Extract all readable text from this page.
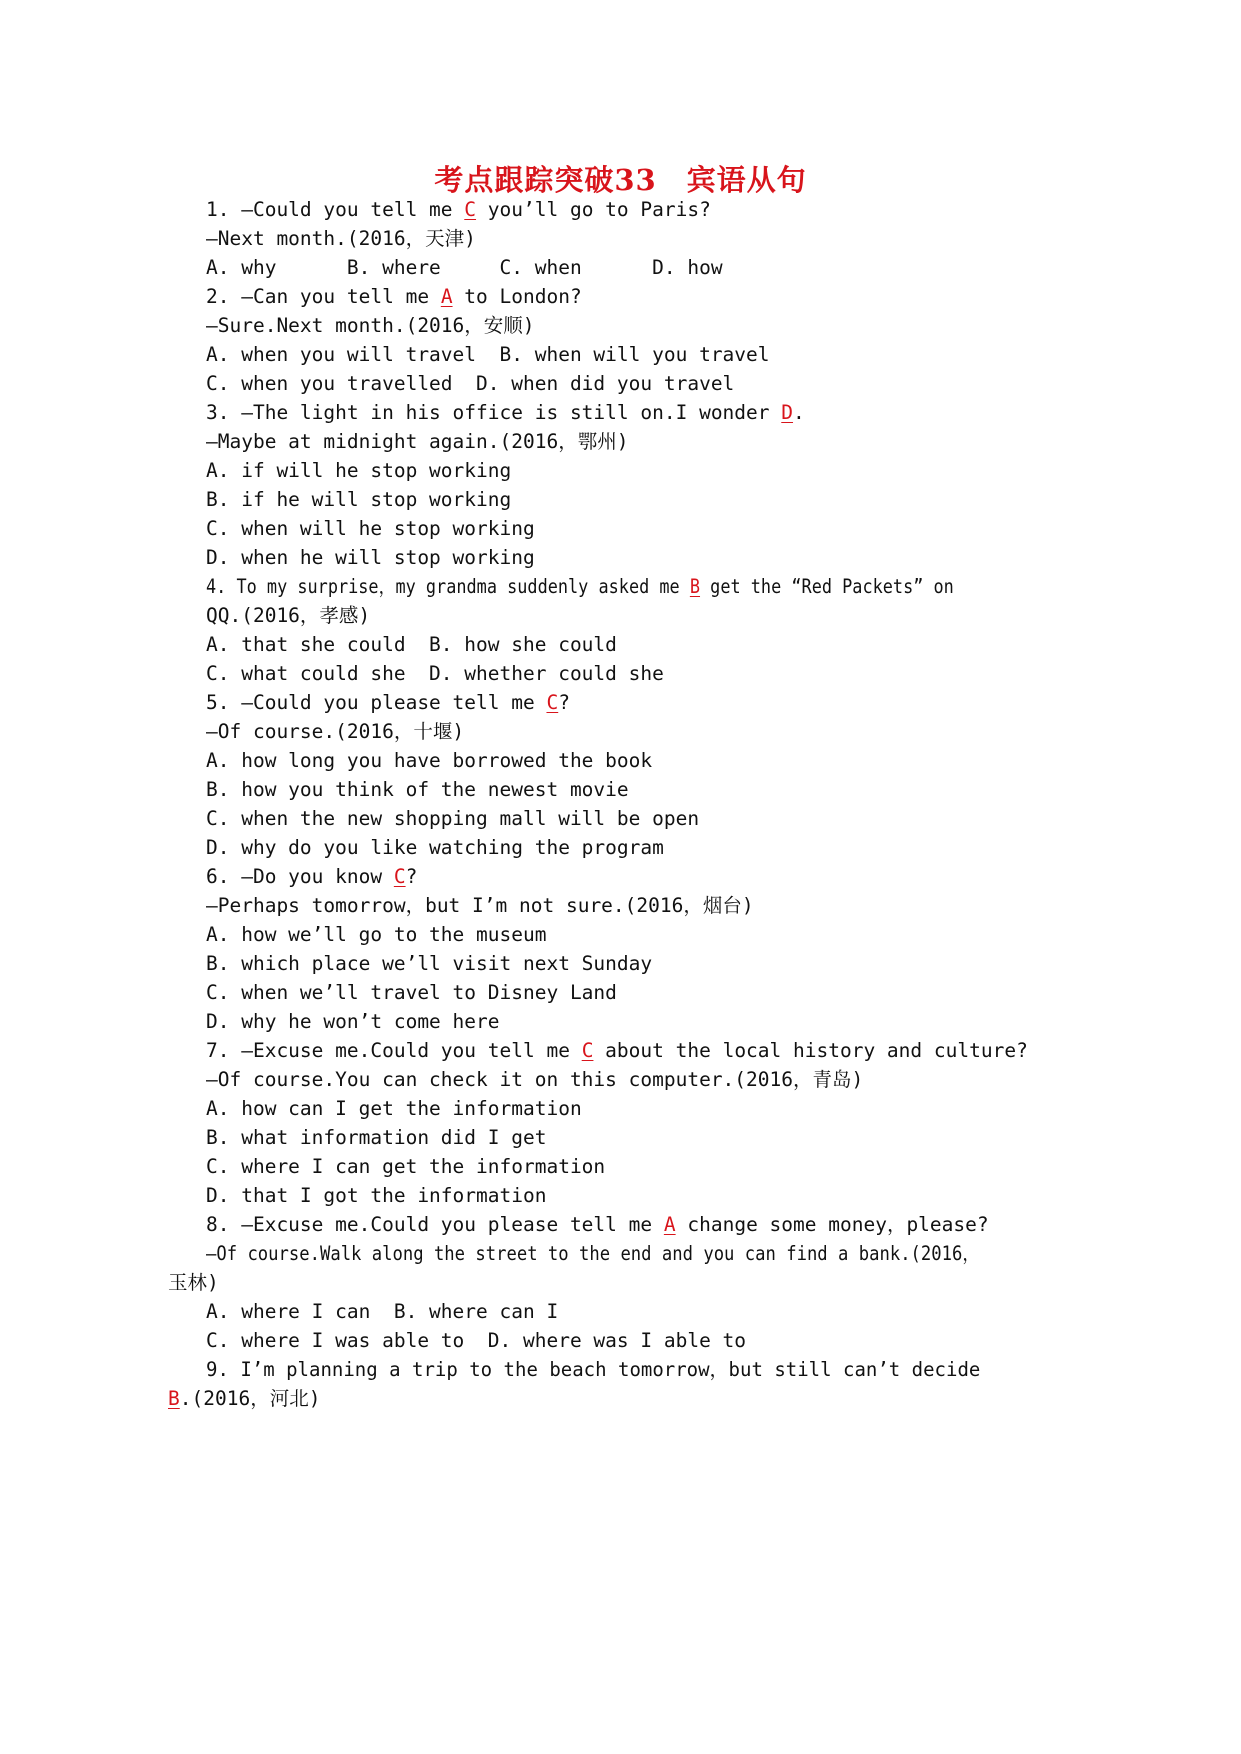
考点跟踪突破33　宾语从句
1. —Could you tell me C you’ll go to Paris?
—Next month.(2016，天津)
A. why      B. where     C. when      D. how
2. —Can you tell me A to London?
—Sure.Next month.(2016，安顺)
A. when you will travel  B. when will you travel
C. when you travelled  D. when did you travel
3. —The light in his office is still on.I wonder D.
—Maybe at midnight again.(2016，鄂州)
A. if will he stop working
B. if he will stop working
C. when will he stop working
D. when he will stop working
4. To my surprise，my grandma suddenly asked me B get the “Red Packets” on
QQ.(2016，孝感)
A. that she could  B. how she could
C. what could she  D. whether could she
5. —Could you please tell me C?
—Of course.(2016，十堰)
A. how long you have borrowed the book
B. how you think of the newest movie
C. when the new shopping mall will be open
D. why do you like watching the program
6. —Do you know C?
—Perhaps tomorrow，but I’m not sure.(2016，烟台)
A. how we’ll go to the museum
B. which place we’ll visit next Sunday
C. when we’ll travel to Disney Land
D. why he won’t come here
7. —Excuse me.Could you tell me C about the local history and culture?
—Of course.You can check it on this computer.(2016，青岛)
A. how can I get the information
B. what information did I get
C. where I can get the information
D. that I got the information
8. —Excuse me.Could you please tell me A change some money，please?
—Of course.Walk along the street to the end and you can find a bank.(2016，
玉林)
A. where I can  B. where can I
C. where I was able to  D. where was I able to
9. I’m planning a trip to the beach tomorrow，but still can’t decide
B.(2016，河北)
